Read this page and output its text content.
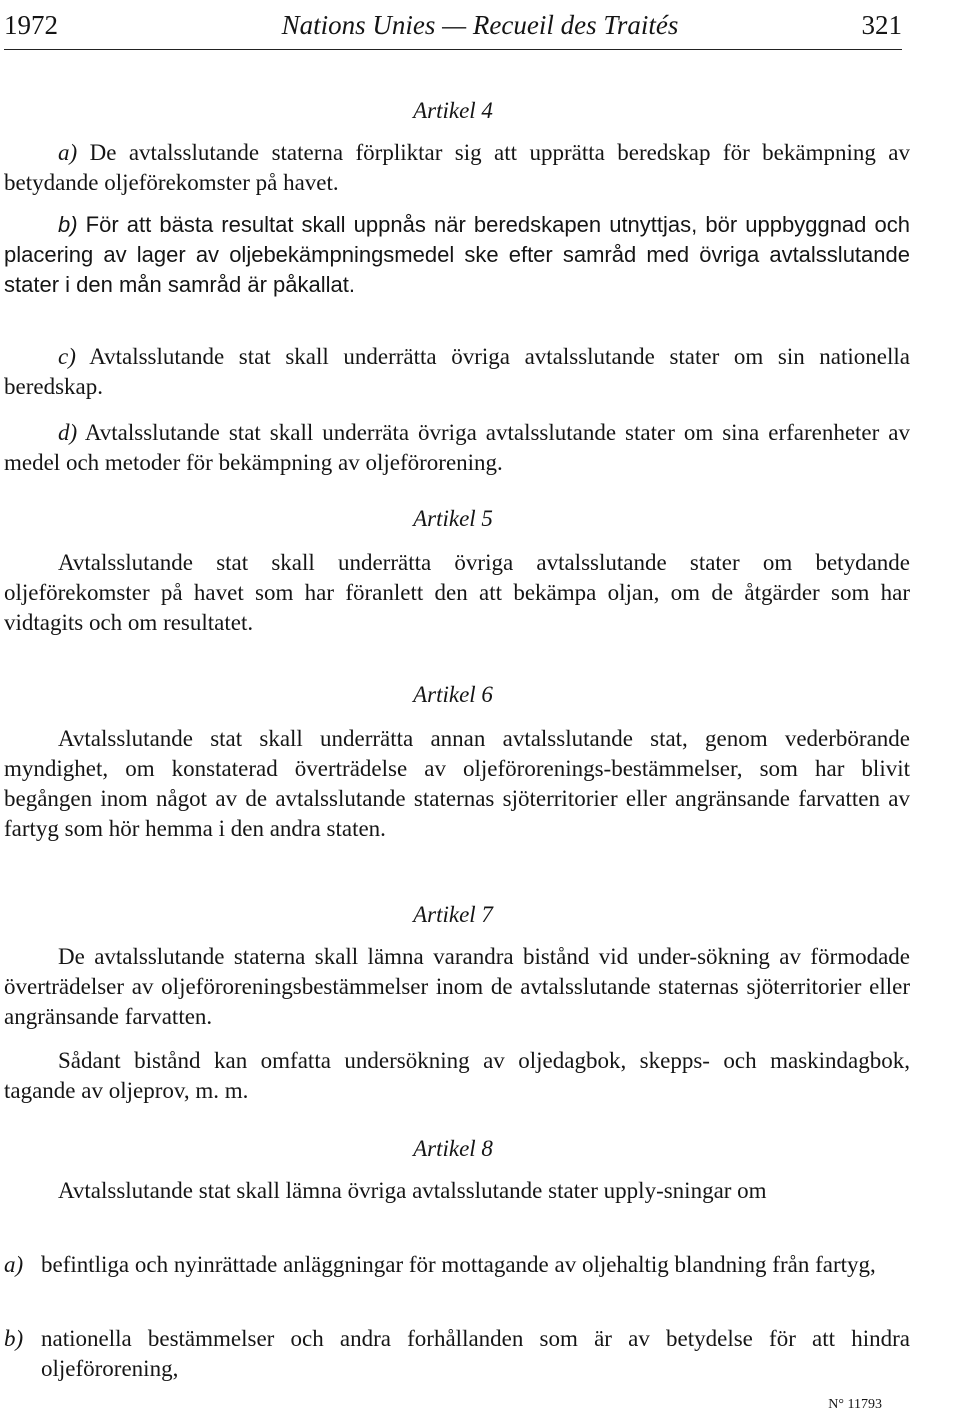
1972	Nations Unies — Recueil des Traités	321
Artikel 4
a) De avtalsslutande staterna förpliktar sig att upprätta beredskap för bekämpning av betydande oljeförekomster på havet.
b) För att bästa resultat skall uppnås när beredskapen utnyttjas, bör uppbyggnad och placering av lager av oljebekämpningsmedel ske efter samråd med övriga avtalsslutande stater i den mån samråd är påkallat.
c) Avtalsslutande stat skall underrätta övriga avtalsslutande stater om sin nationella beredskap.
d) Avtalsslutande stat skall underräta övriga avtalsslutande stater om sina erfarenheter av medel och metoder för bekämpning av oljeförorening.
Artikel 5
Avtalsslutande stat skall underrätta övriga avtalsslutande stater om betydande oljeförekomster på havet som har föranlett den att bekämpa oljan, om de åtgärder som har vidtagits och om resultatet.
Artikel 6
Avtalsslutande stat skall underrätta annan avtalsslutande stat, genom vederbörande myndighet, om konstaterad överträdelse av oljeförorenings-bestämmelser, som har blivit begången inom något av de avtalsslutande staternas sjöterritorier eller angränsande farvatten av fartyg som hör hemma i den andra staten.
Artikel 7
De avtalsslutande staterna skall lämna varandra bistånd vid under-sökning av förmodade överträdelser av oljeföroreningsbestämmelser inom de avtalsslutande staternas sjöterritorier eller angränsande farvatten.
Sådant bistånd kan omfatta undersökning av oljedagbok, skepps- och maskindagbok, tagande av oljeprov, m. m.
Artikel 8
Avtalsslutande stat skall lämna övriga avtalsslutande stater upply-sningar om
a) befintliga och nyinrättade anläggningar för mottagande av oljehaltig blandning från fartyg,
b) nationella bestämmelser och andra forhållanden som är av betydelse för att hindra oljeförorening,
N° 11793
